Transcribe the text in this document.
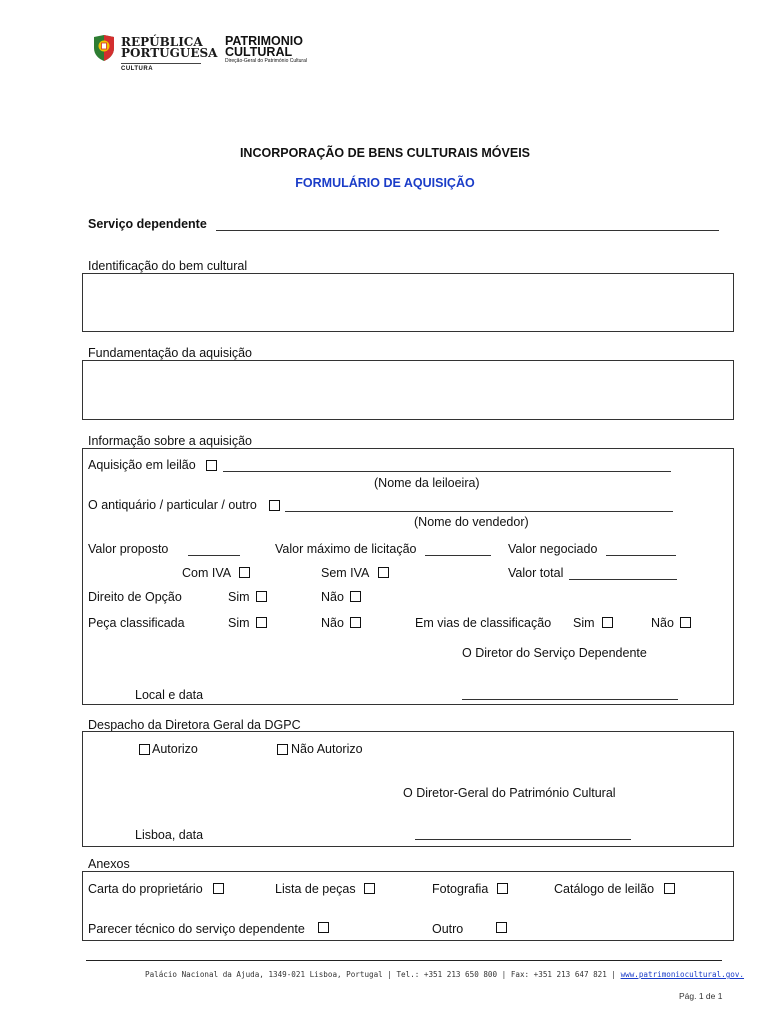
REPÚBLICA
PORTUGUESA
CULTURA
PATRIMONIO
CULTURAL
Direção-Geral do Património Cultural
INCORPORAÇÃO DE BENS CULTURAIS MÓVEIS
FORMULÁRIO DE AQUISIÇÃO
Serviço dependente
Identificação do bem cultural
Fundamentação da aquisição
Informação sobre a aquisição
Aquisição em leilão
(Nome da leiloeira)
O antiquário / particular / outro
(Nome do vendedor)
Valor proposto	Valor máximo de licitação	Valor negociado
Com IVA	Sem IVA	Valor total
Direito de Opção	Sim	Não
Peça classificada	Sim	Não	Em vias de classificação Sim	Não
O Diretor do Serviço Dependente
Local e data
Despacho da Diretora Geral da DGPC
Autorizo	Não Autorizo
O Diretor-Geral do Património Cultural
Lisboa, data
Anexos
Carta do proprietário	Lista de peças	Fotografia	Catálogo de leilão
Parecer técnico do serviço dependente	Outro
Palácio Nacional da Ajuda, 1349-021 Lisboa, Portugal | Tel.: +351 213 650 800 | Fax: +351 213 647 821 | www.patrimoniocultural.gov.
Pág. 1 de 1
